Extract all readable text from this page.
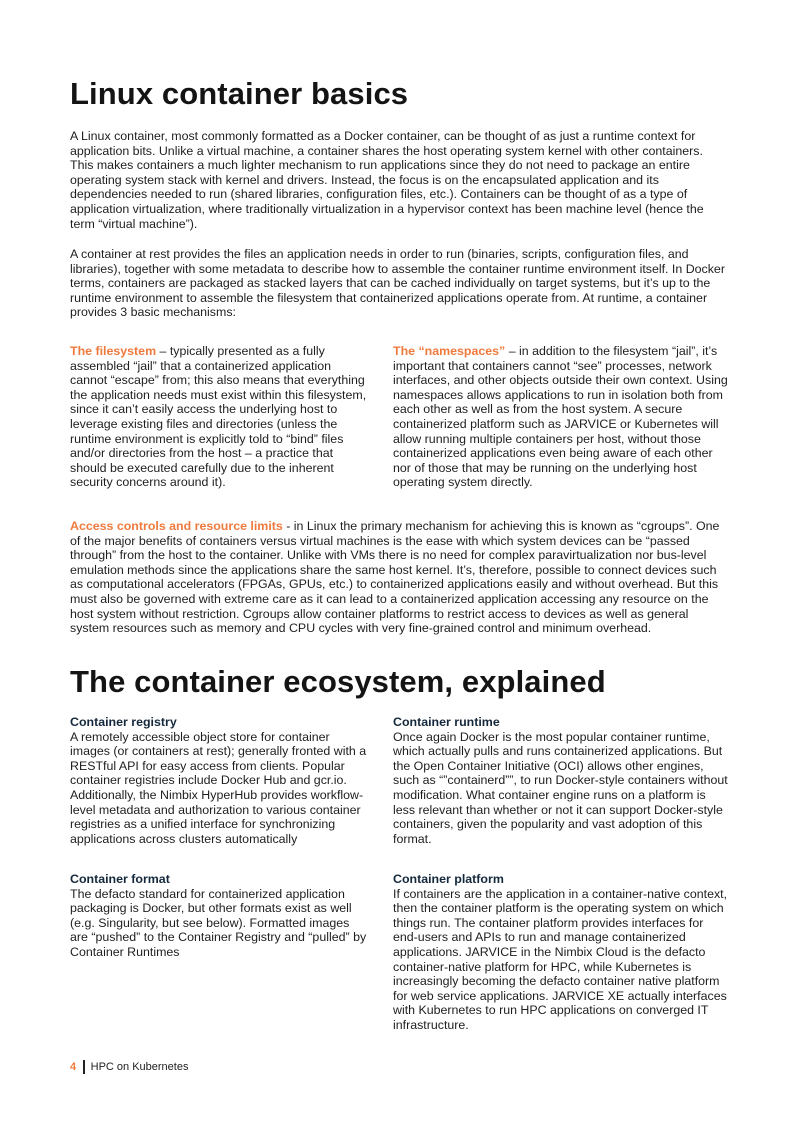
Linux container basics

A Linux container, most commonly formatted as a Docker container, can be thought of as just a runtime context for application bits. Unlike a virtual machine, a container shares the host operating system kernel with other containers. This makes containers a much lighter mechanism to run applications since they do not need to package an entire operating system stack with kernel and drivers. Instead, the focus is on the encapsulated application and its dependencies needed to run (shared libraries, configuration files, etc.). Containers can be thought of as a type of application virtualization, where traditionally virtualization in a hypervisor context has been machine level (hence the term “virtual machine”).

A container at rest provides the files an application needs in order to run (binaries, scripts, configuration files, and libraries), together with some metadata to describe how to assemble the container runtime environment itself. In Docker terms, containers are packaged as stacked layers that can be cached individually on target systems, but it’s up to the runtime environment to assemble the filesystem that containerized applications operate from. At runtime, a container provides 3 basic mechanisms:

The filesystem – typically presented as a fully assembled “jail” that a containerized application cannot “escape” from; this also means that everything the application needs must exist within this filesystem, since it can’t easily access the underlying host to leverage existing files and directories (unless the runtime environment is explicitly told to “bind” files and/or directories from the host – a practice that should be executed carefully due to the inherent security concerns around it).

The “namespaces” – in addition to the filesystem “jail”, it’s important that containers cannot “see” processes, network interfaces, and other objects outside their own context. Using namespaces allows applications to run in isolation both from each other as well as from the host system. A secure containerized platform such as JARVICE or Kubernetes will allow running multiple containers per host, without those containerized applications even being aware of each other nor of those that may be running on the underlying host operating system directly.

Access controls and resource limits - in Linux the primary mechanism for achieving this is known as “cgroups”. One of the major benefits of containers versus virtual machines is the ease with which system devices can be “passed through” from the host to the container. Unlike with VMs there is no need for complex paravirtualization nor bus-level emulation methods since the applications share the same host kernel. It’s, therefore, possible to connect devices such as computational accelerators (FPGAs, GPUs, etc.) to containerized applications easily and without overhead. But this must also be governed with extreme care as it can lead to a containerized application accessing any resource on the host system without restriction. Cgroups allow container platforms to restrict access to devices as well as general system resources such as memory and CPU cycles with very fine-grained control and minimum overhead.

The container ecosystem, explained
Container registry

A remotely accessible object store for container images (or containers at rest); generally fronted with a RESTful API for easy access from clients. Popular container registries include Docker Hub and gcr.io. Additionally, the Nimbix HyperHub provides workflow-level metadata and authorization to various container registries as a unified interface for synchronizing applications across clusters automatically

Container runtime

Once again Docker is the most popular container runtime, which actually pulls and runs containerized applications. But the Open Container Initiative (OCI) allows other engines, such as “”containerd””, to run Docker-style containers without modification. What container engine runs on a platform is less relevant than whether or not it can support Docker-style containers, given the popularity and vast adoption of this format.

Container format

The defacto standard for containerized application packaging is Docker, but other formats exist as well (e.g. Singularity, but see below). Formatted images are “pushed” to the Container Registry and “pulled” by Container Runtimes

Container platform

If containers are the application in a container-native context, then the container platform is the operating system on which things run. The container platform provides interfaces for end-users and APIs to run and manage containerized applications. JARVICE in the Nimbix Cloud is the defacto container-native platform for HPC, while Kubernetes is increasingly becoming the defacto container native platform for web service applications. JARVICE XE actually interfaces with Kubernetes to run HPC applications on converged IT infrastructure.

4 HPC on Kubernetes
